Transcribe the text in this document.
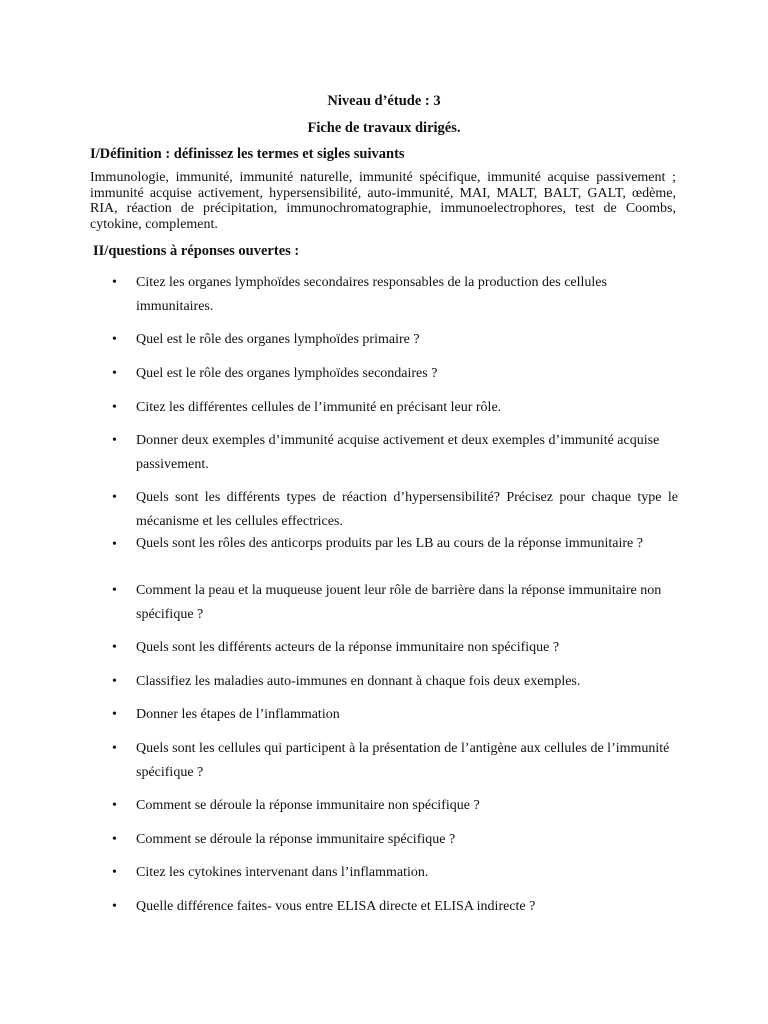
Niveau d’étude : 3
Fiche de travaux dirigés.
I/Définition : définissez les termes et sigles suivants
Immunologie, immunité, immunité naturelle, immunité spécifique, immunité acquise passivement ; immunité acquise activement, hypersensibilité, auto-immunité, MAI, MALT, BALT, GALT, œdème, RIA, réaction de précipitation, immunochromatographie, immunoelectrophores, test de Coombs, cytokine, complement.
II/questions à réponses ouvertes :
•	Citez les organes lymphoïdes secondaires responsables de la production des cellules immunitaires.
•	Quel est le rôle des organes lymphoïdes primaire ?
•	Quel est le rôle des organes lymphoïdes secondaires ?
•	Citez les différentes cellules de l’immunité en précisant leur rôle.
•	Donner deux exemples d’immunité acquise activement et deux exemples d’immunité acquise passivement.
•	Quels sont les différents types de réaction d’hypersensibilité? Précisez pour chaque type le mécanisme et les cellules effectrices.
•	Quels sont les rôles des anticorps produits par les LB au cours de la réponse immunitaire ?
•	Comment la peau et la muqueuse jouent leur rôle de barrière dans la réponse immunitaire non spécifique ?
•	Quels sont les différents acteurs de la réponse immunitaire non spécifique ?
•	Classifiez les maladies auto-immunes en donnant à chaque fois deux exemples.
•	Donner les étapes de l’inflammation
•	Quels sont les cellules qui participent à la présentation de l’antigène aux cellules de l’immunité spécifique ?
•	Comment se déroule la réponse immunitaire non spécifique ?
•	Comment se déroule la réponse immunitaire spécifique ?
•	Citez les cytokines intervenant dans l’inflammation.
•	Quelle différence faites- vous entre ELISA directe et ELISA indirecte ?
